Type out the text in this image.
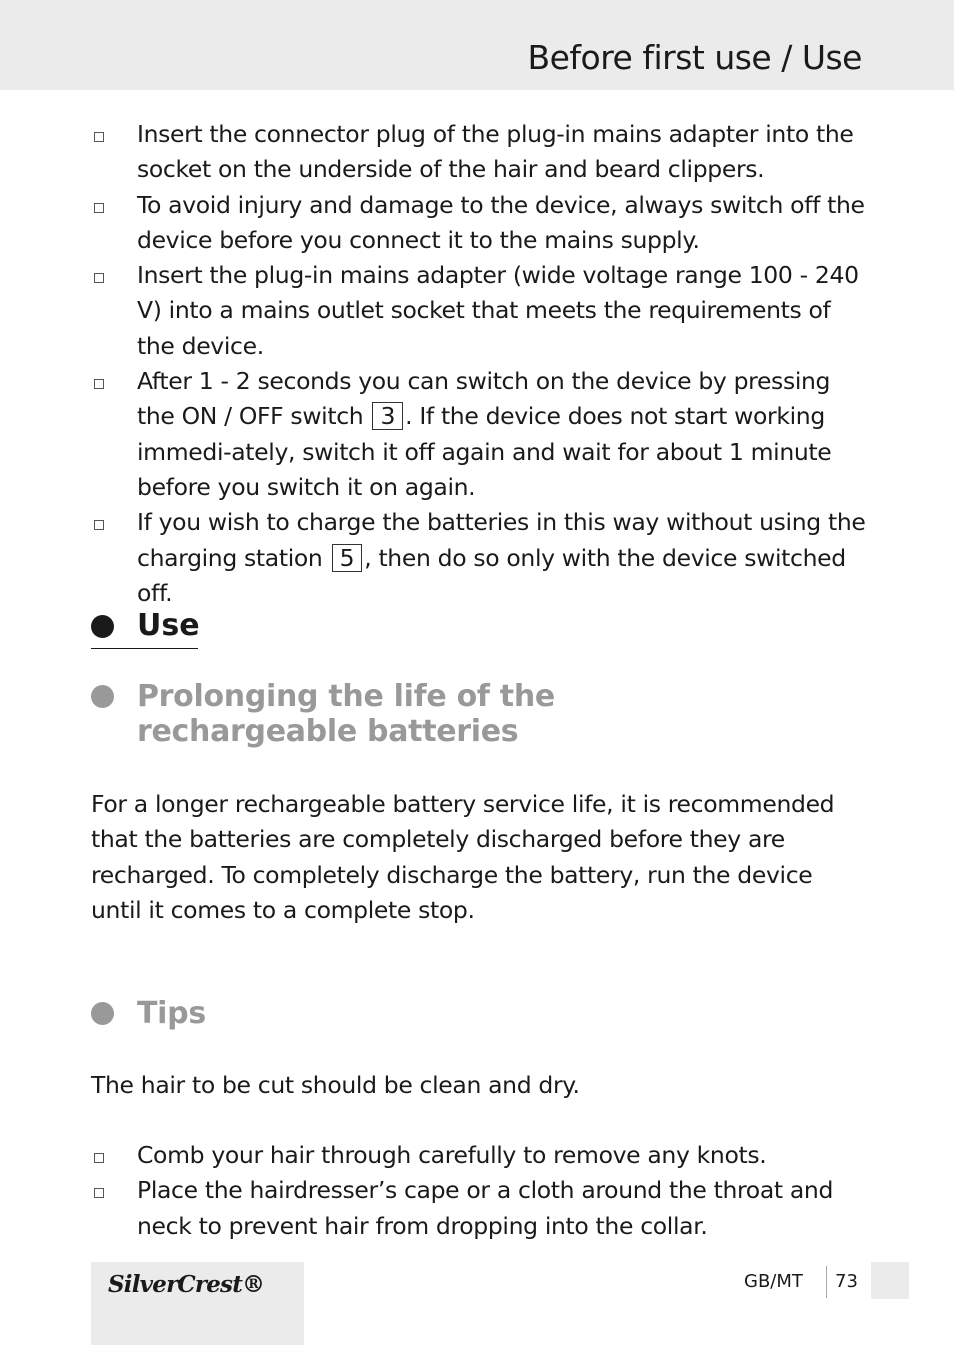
Before first use / Use
Insert the connector plug of the plug-in mains adapter into the socket on the underside of the hair and beard clippers.
To avoid injury and damage to the device, always switch off the device before you connect it to the mains supply.
Insert the plug-in mains adapter (wide voltage range 100 - 240 V) into a mains outlet socket that meets the requirements of the device.
After 1 - 2 seconds you can switch on the device by pressing the ON / OFF switch 3 . If the device does not start working immedi-ately, switch it off again and wait for about 1 minute before you switch it on again.
If you wish to charge the batteries in this way without using the charging station 5 , then do so only with the device switched off.
Use
Prolonging the life of the
rechargeable batteries
For a longer rechargeable battery service life, it is recommended that the batteries are completely discharged before they are recharged. To completely discharge the battery, run the device until it comes to a complete stop.
Tips
The hair to be cut should be clean and dry.
Comb your hair through carefully to remove any knots.
Place the hairdresser’s cape or a cloth around the throat and neck to prevent hair from dropping into the collar.
SilverCrest®	GB/MT 73
